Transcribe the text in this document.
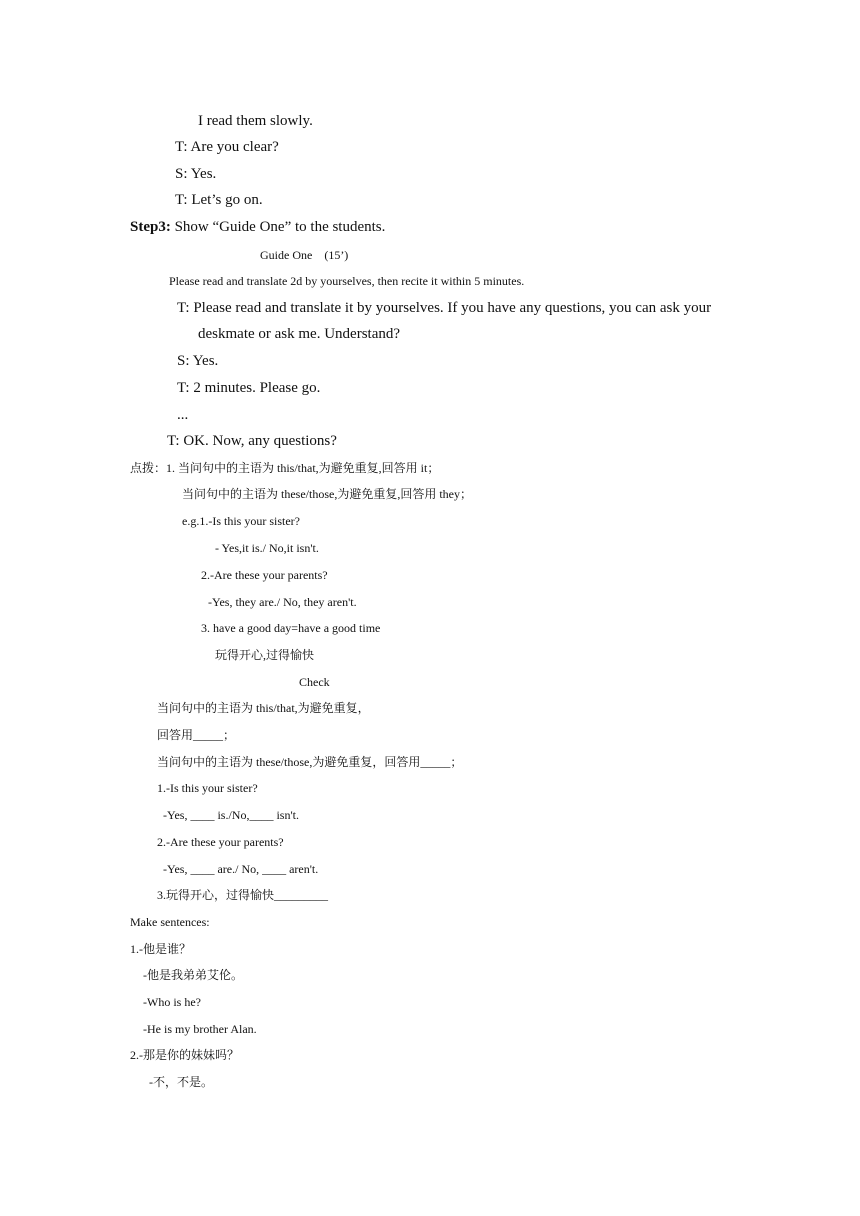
I read them slowly.
T: Are you clear?
S: Yes.
T: Let’s go on.
Step3: Show “Guide One” to the students.
Guide One    (15’)
Please read and translate 2d by yourselves, then recite it within 5 minutes.
T: Please read and translate it by yourselves. If you have any questions, you can ask your
deskmate or ask me. Understand?
S: Yes.
T: 2 minutes. Please go.
...
T: OK. Now, any questions?
点拨：1. 当问句中的主语为 this/that,为避免重复,回答用 it；
当问句中的主语为 these/those,为避免重复,回答用 they；
e.g.1.-Is this your sister?
- Yes,it is./ No,it isn't.
2.-Are these your parents?
-Yes, they are./ No, they aren't.
3. have a good day=have a good time
玩得开心,过得愉快
Check
当问句中的主语为 this/that,为避免重复，
回答用_____；
当问句中的主语为 these/those,为避免重复，回答用_____；
1.-Is this your sister?
-Yes, ____ is./No,____ isn't.
2.-Are these your parents?
-Yes, ____ are./ No, ____ aren't.
3.玩得开心，过得愉快_________
Make sentences:
1.-他是谁？
-他是我弟弟艾伦。
-Who is he?
-He is my brother Alan.
2.-那是你的妹妹吗？
-不，不是。
